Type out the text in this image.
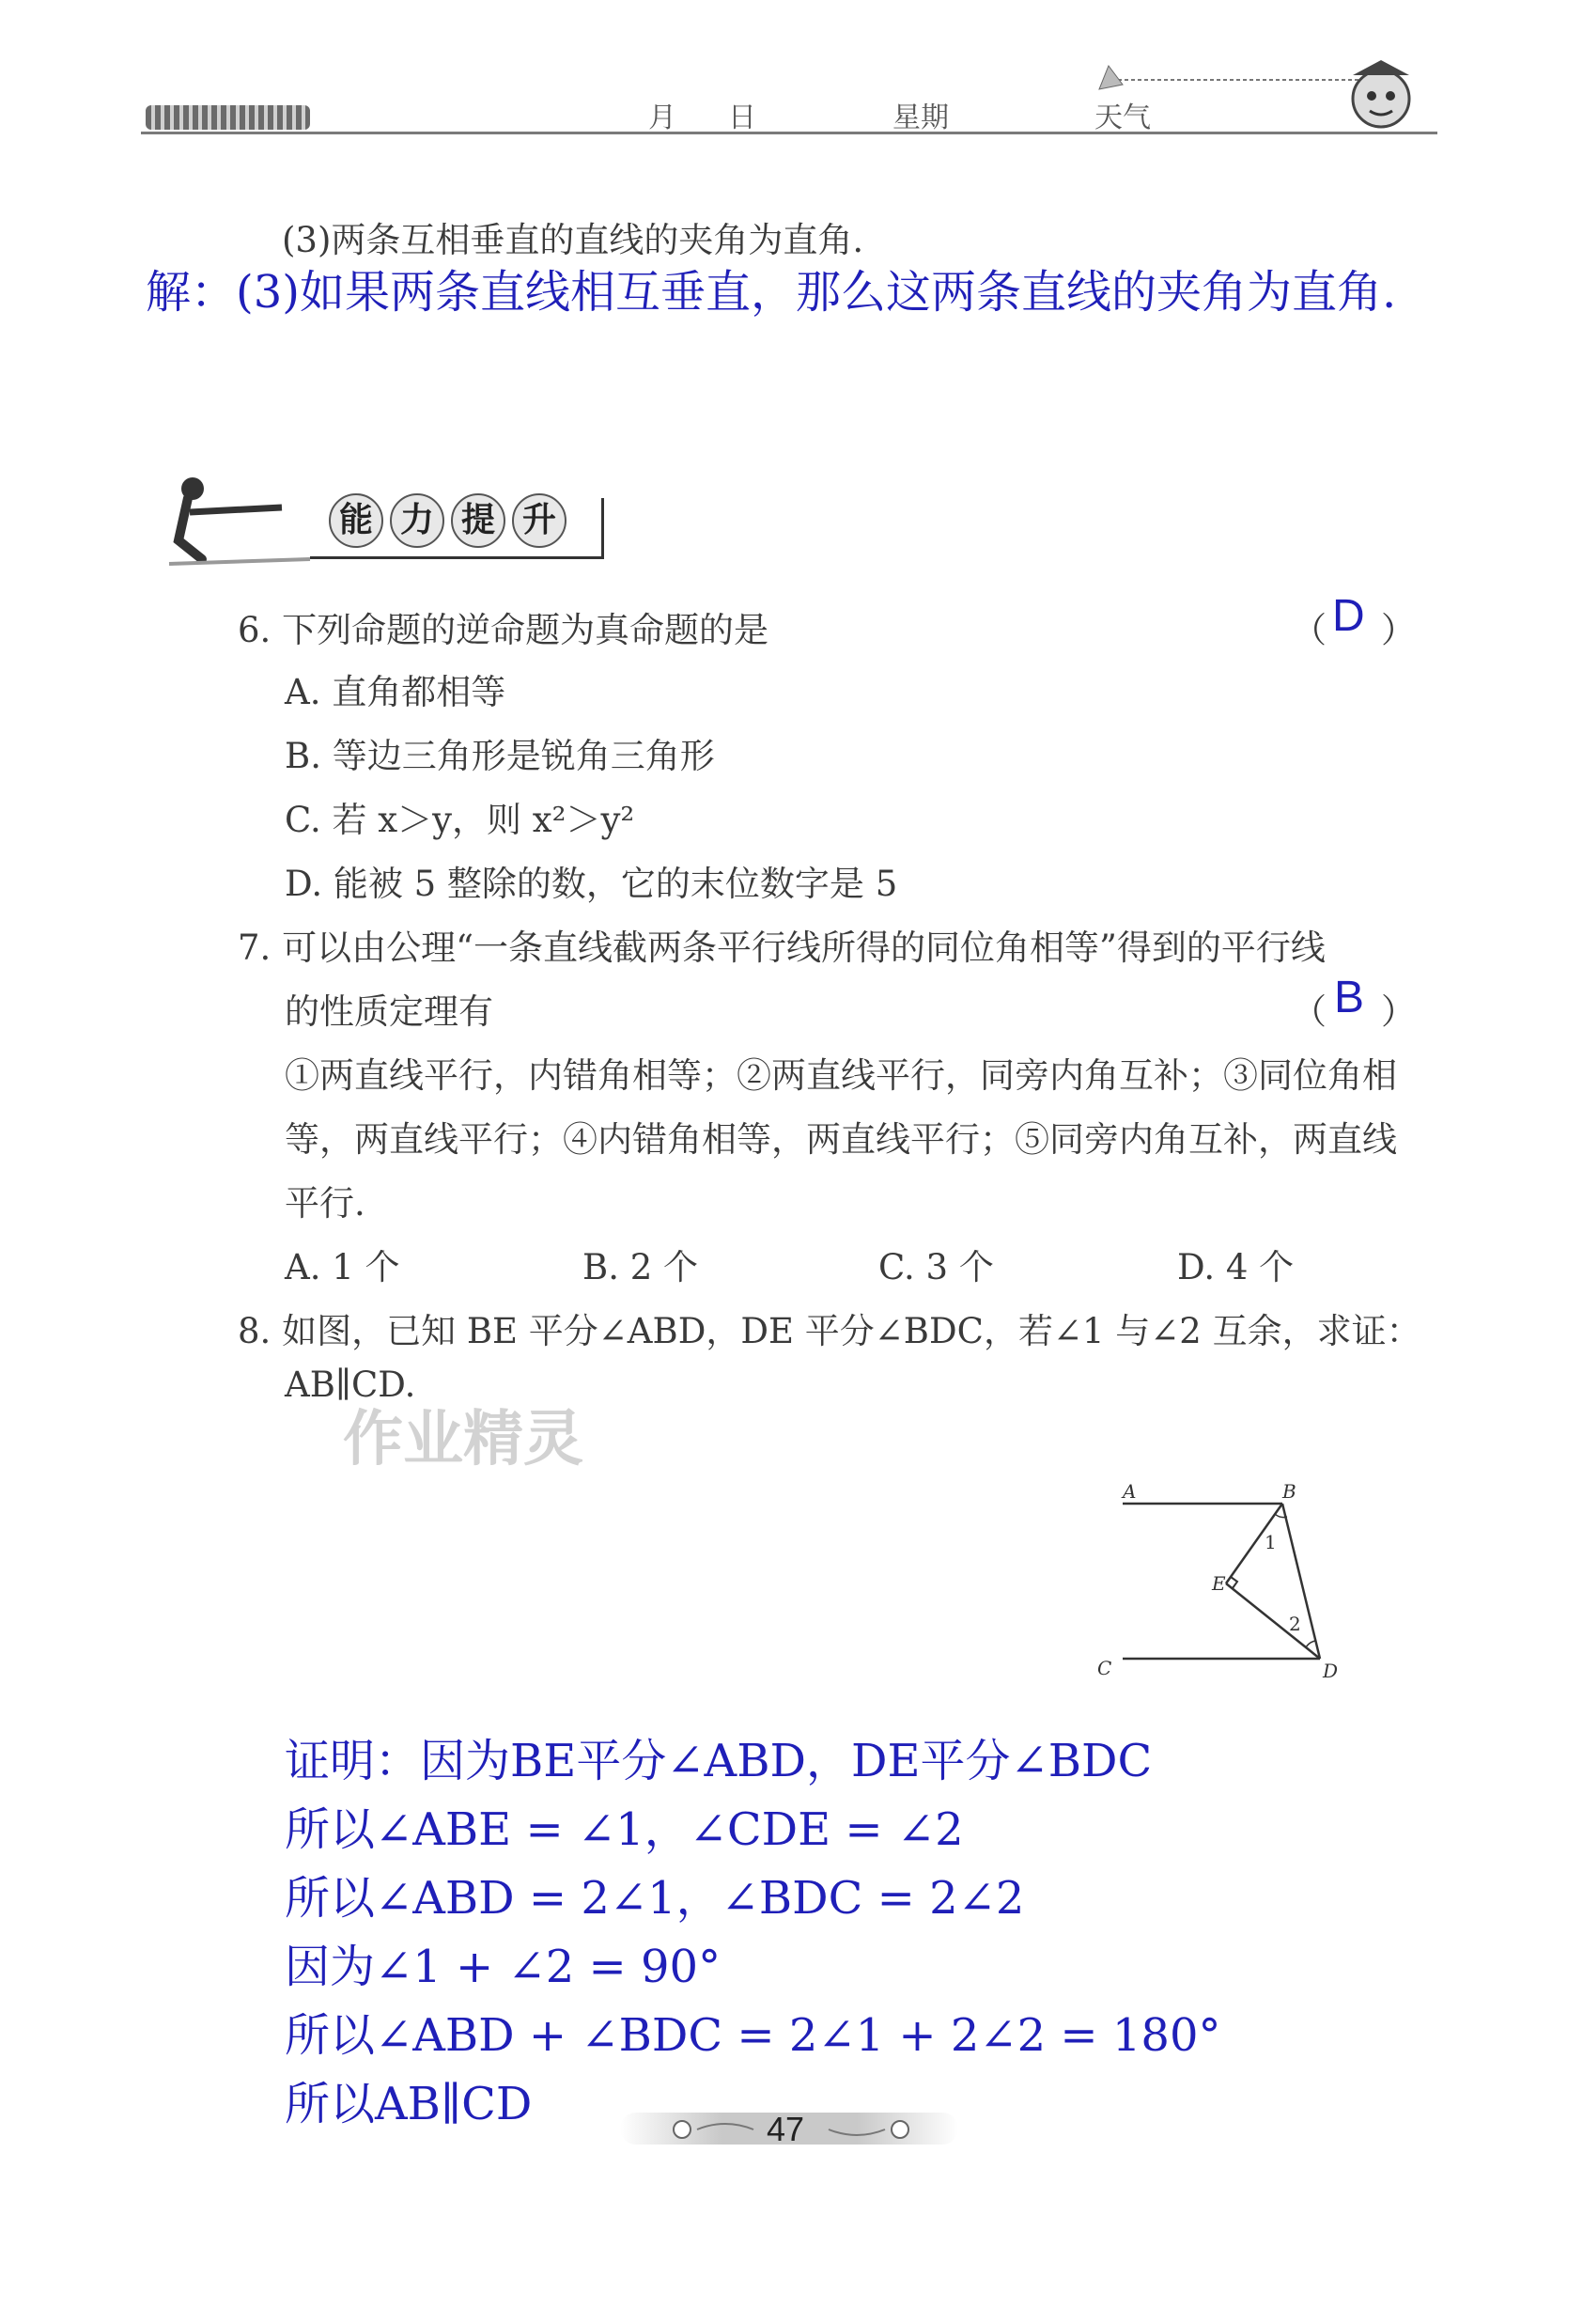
月 日	星期	天气
(3)两条互相垂直的直线的夹角为直角.
解：(3)如果两条直线相互垂直，那么这两条直线的夹角为直角.
能 力 提 升
6. 下列命题的逆命题为真命题的是	（ D ）
A. 直角都相等
B. 等边三角形是锐角三角形
C. 若 x＞y，则 x²＞y²
D. 能被 5 整除的数，它的末位数字是 5
7. 可以由公理“一条直线截两条平行线所得的同位角相等”得到的平行线
的性质定理有	（ B ）
①两直线平行，内错角相等；②两直线平行，同旁内角互补；③同位角相
等，两直线平行；④内错角相等，两直线平行；⑤同旁内角互补，两直线
平行.
A. 1 个	B. 2 个	C. 3 个	D. 4 个
8. 如图，已知 BE 平分∠ABD，DE 平分∠BDC，若∠1 与∠2 互余，求证：
AB∥CD.
作业精灵
A	B
E
C	D
1
2
证明：因为BE平分∠ABD，DE平分∠BDC
所以∠ABE = ∠1，∠CDE = ∠2
所以∠ABD = 2∠1，∠BDC = 2∠2
因为∠1 + ∠2 = 90°
所以∠ABD + ∠BDC = 2∠1 + 2∠2 = 180°
所以AB∥CD	47
